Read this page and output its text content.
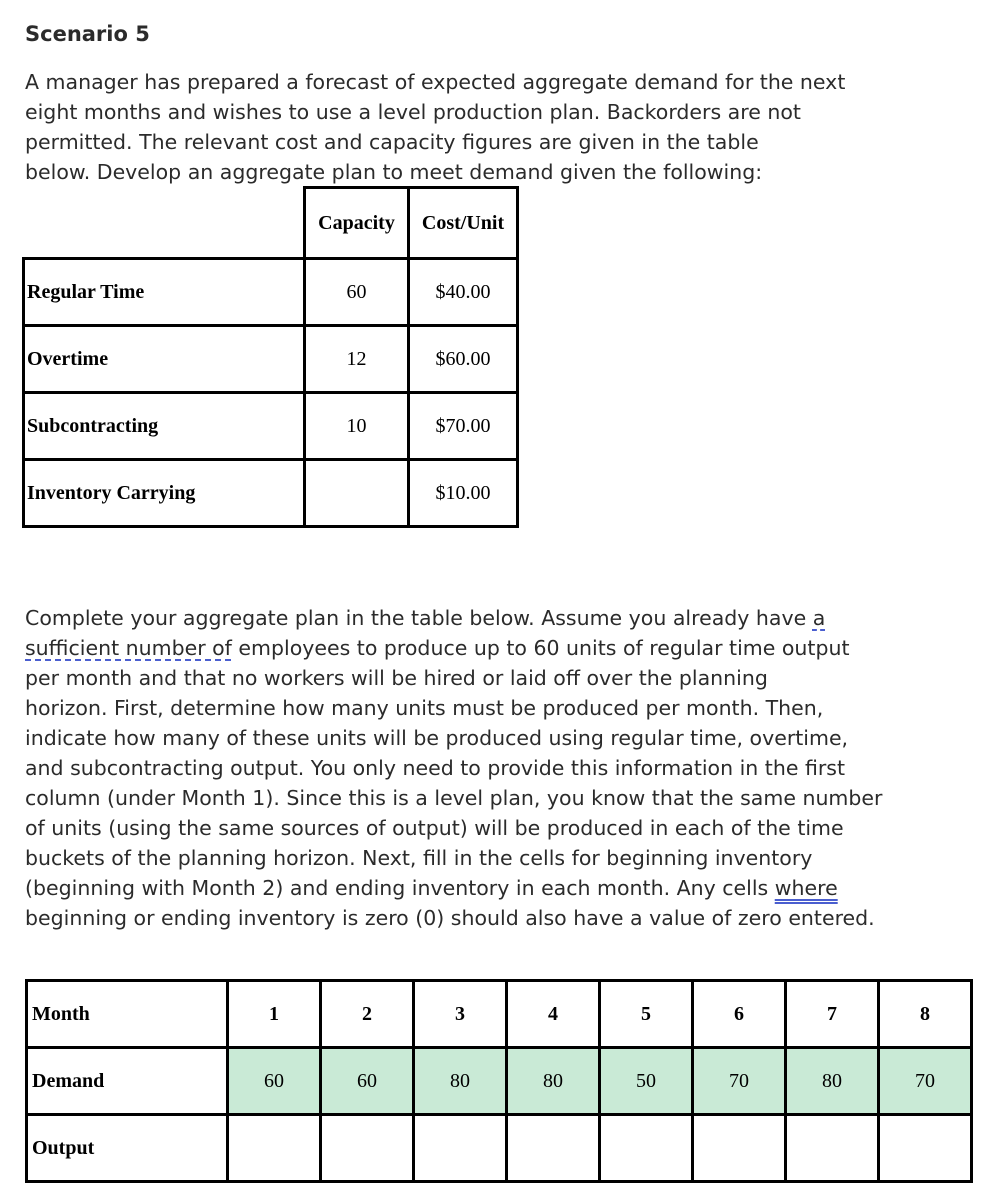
Scenario 5

A manager has prepared a forecast of expected aggregate demand for the next
eight months and wishes to use a level production plan. Backorders are not
permitted. The relevant cost and capacity figures are given in the table
below. Develop an aggregate plan to meet demand given the following:

	Capacity	Cost/Unit
Regular Time	60	$40.00
Overtime	12	$60.00
Subcontracting	10	$70.00
Inventory Carrying		$10.00

Complete your aggregate plan in the table below. Assume you already have a
sufficient number of employees to produce up to 60 units of regular time output
per month and that no workers will be hired or laid off over the planning
horizon. First, determine how many units must be produced per month. Then,
indicate how many of these units will be produced using regular time, overtime,
and subcontracting output. You only need to provide this information in the first
column (under Month 1). Since this is a level plan, you know that the same number
of units (using the same sources of output) will be produced in each of the time
buckets of the planning horizon. Next, fill in the cells for beginning inventory
(beginning with Month 2) and ending inventory in each month. Any cells where
beginning or ending inventory is zero (0) should also have a value of zero entered.

Month	1	2	3	4	5	6	7	8
Demand	60	60	80	80	50	70	80	70
Output								
